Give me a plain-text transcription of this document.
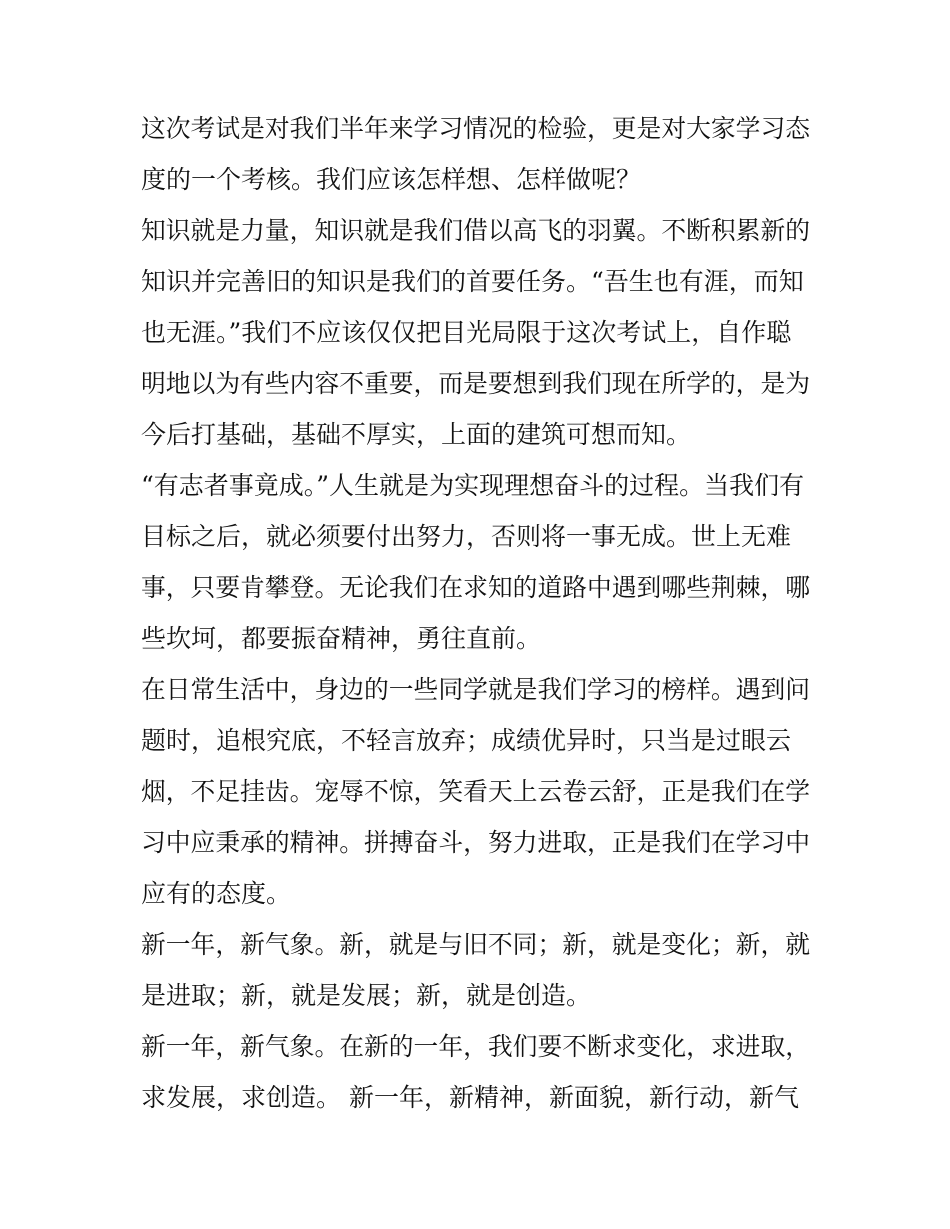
这次考试是对我们半年来学习情况的检验，更是对大家学习态
度的一个考核。我们应该怎样想、怎样做呢？
知识就是力量，知识就是我们借以高飞的羽翼。不断积累新的
知识并完善旧的知识是我们的首要任务。“吾生也有涯，而知
也无涯。”我们不应该仅仅把目光局限于这次考试上，自作聪
明地以为有些内容不重要，而是要想到我们现在所学的，是为
今后打基础，基础不厚实，上面的建筑可想而知。
“有志者事竟成。”人生就是为实现理想奋斗的过程。当我们有
目标之后，就必须要付出努力，否则将一事无成。世上无难
事，只要肯攀登。无论我们在求知的道路中遇到哪些荆棘，哪
些坎坷，都要振奋精神，勇往直前。
在日常生活中，身边的一些同学就是我们学习的榜样。遇到问
题时，追根究底，不轻言放弃；成绩优异时，只当是过眼云
烟，不足挂齿。宠辱不惊，笑看天上云卷云舒，正是我们在学
习中应秉承的精神。拼搏奋斗，努力进取，正是我们在学习中
应有的态度。
新一年，新气象。新，就是与旧不同；新，就是变化；新，就
是进取；新，就是发展；新，就是创造。
新一年，新气象。在新的一年，我们要不断求变化，求进取，
求发展，求创造。 新一年，新精神，新面貌，新行动，新气
